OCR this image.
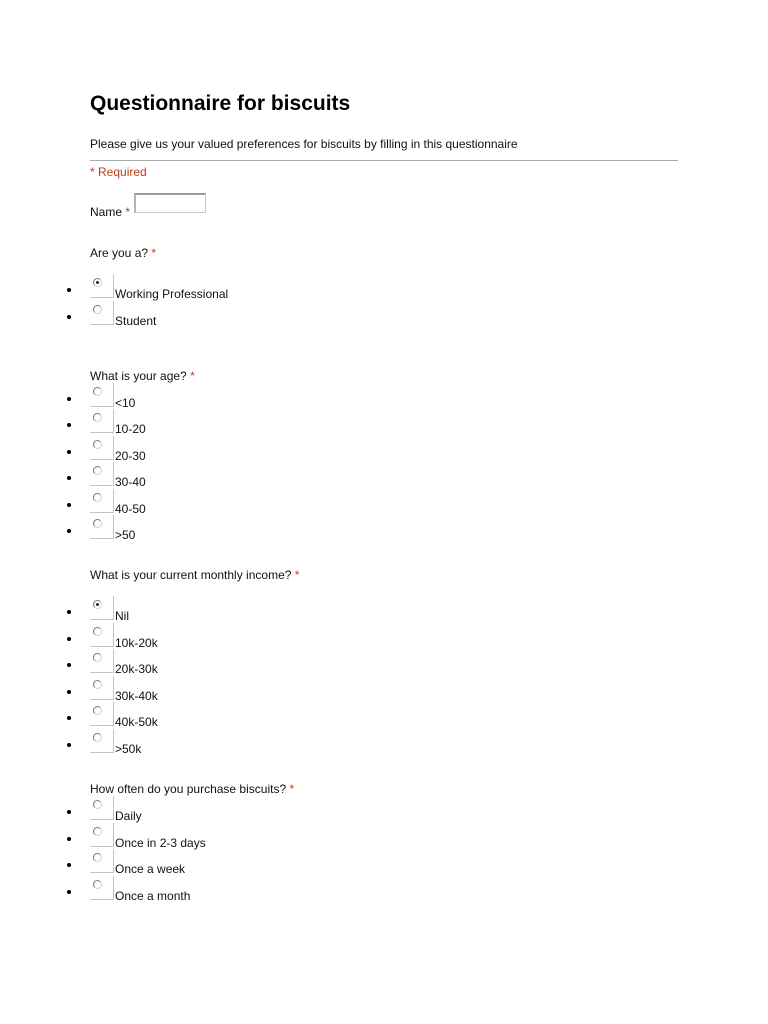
Questionnaire for biscuits
Please give us your valued preferences for biscuits by filling in this questionnaire
* Required
Name *
Are you a? *
Working Professional
Student
What is your age? *
<10
10-20
20-30
30-40
40-50
>50
What is your current monthly income? *
Nil
10k-20k
20k-30k
30k-40k
40k-50k
>50k
How often do you purchase biscuits? *
Daily
Once in 2-3 days
Once a week
Once a month
